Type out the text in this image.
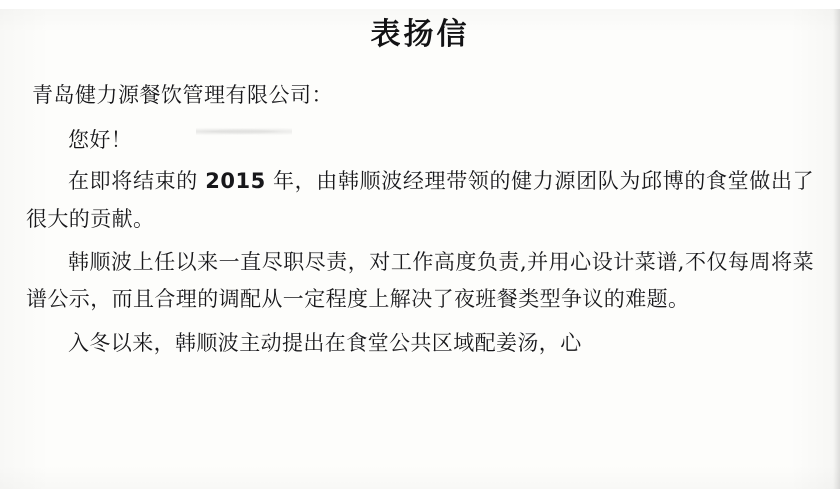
表扬信
青岛健力源餐饮管理有限公司：
您好！

在即将结束的 2015 年，由韩顺波经理带领的健力源团队为邱博的食堂做出了很大的贡献。

韩顺波上任以来一直尽职尽责，对工作高度负责,并用心设计菜谱,不仅每周将菜谱公示，而且合理的调配从一定程度上解决了夜班餐类型争议的难题。

入冬以来，韩顺波主动提出在食堂公共区域配姜汤，心
